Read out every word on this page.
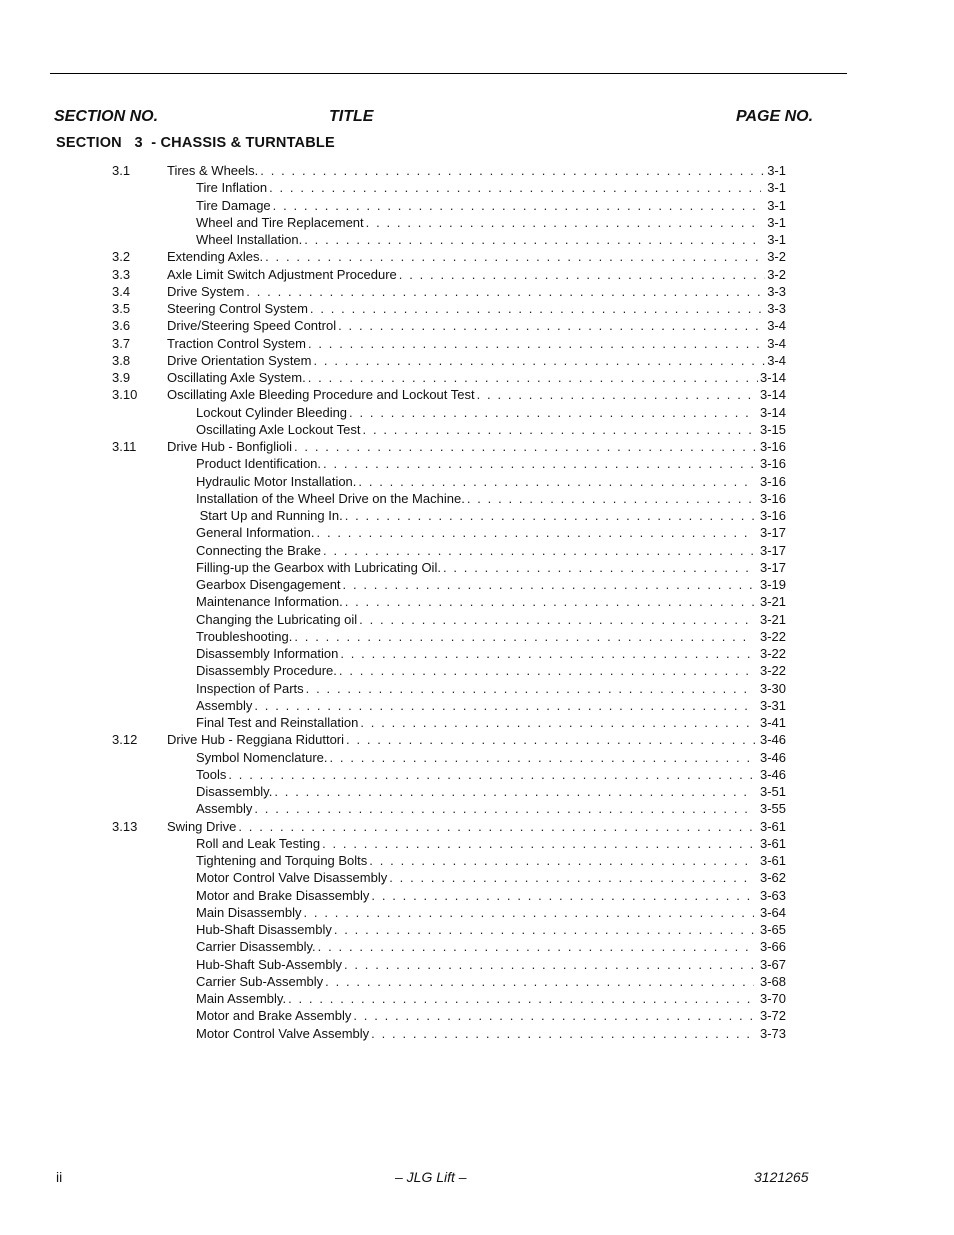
SECTION NO.	TITLE	PAGE NO.
SECTION   3  - CHASSIS & TURNTABLE
3.1	Tires & Wheels. . . .	3-1
Tire Inflation . . .	3-1
Tire Damage . . .	3-1
Wheel and Tire Replacement . . .	3-1
Wheel Installation. . . .	3-1
3.2	Extending Axles. . . .	3-2
3.3	Axle Limit Switch Adjustment Procedure . . .	3-2
3.4	Drive System . . .	3-3
3.5	Steering Control System . . .	3-3
3.6	Drive/Steering Speed Control . . .	3-4
3.7	Traction Control System . . .	3-4
3.8	Drive Orientation System . . .	3-4
3.9	Oscillating Axle System. . . .	3-14
3.10 Oscillating Axle Bleeding Procedure and Lockout Test . . .	3-14
Lockout Cylinder Bleeding . . .	3-14
Oscillating Axle Lockout Test . . .	3-15
3.11 Drive Hub - Bonfiglioli . . .	3-16
Product Identification. . . .	3-16
Hydraulic Motor Installation. . . .	3-16
Installation of the Wheel Drive on the Machine. . . .	3-16
Start Up and Running In. . . .	3-16
General Information. . . .	3-17
Connecting the Brake . . .	3-17
Filling-up the Gearbox with Lubricating Oil. . . .	3-17
Gearbox Disengagement . . .	3-19
Maintenance Information. . . .	3-21
Changing the Lubricating oil . . .	3-21
Troubleshooting. . . .	3-22
Disassembly Information . . .	3-22
Disassembly Procedure. . . .	3-22
Inspection of Parts . . .	3-30
Assembly . . .	3-31
Final Test and Reinstallation . . .	3-41
3.12 Drive Hub - Reggiana Riduttori . . .	3-46
Symbol Nomenclature. . . .	3-46
Tools . . .	3-46
Disassembly. . . .	3-51
Assembly . . .	3-55
3.13 Swing Drive . . .	3-61
Roll and Leak Testing . . .	3-61
Tightening and Torquing Bolts . . .	3-61
Motor Control Valve Disassembly . . .	3-62
Motor and Brake Disassembly . . .	3-63
Main Disassembly . . .	3-64
Hub-Shaft Disassembly . . .	3-65
Carrier Disassembly. . . .	3-66
Hub-Shaft Sub-Assembly . . .	3-67
Carrier Sub-Assembly . . .	3-68
Main Assembly. . . .	3-70
Motor and Brake Assembly . . .	3-72
Motor Control Valve Assembly . . .	3-73
ii	– JLG Lift –	3121265
